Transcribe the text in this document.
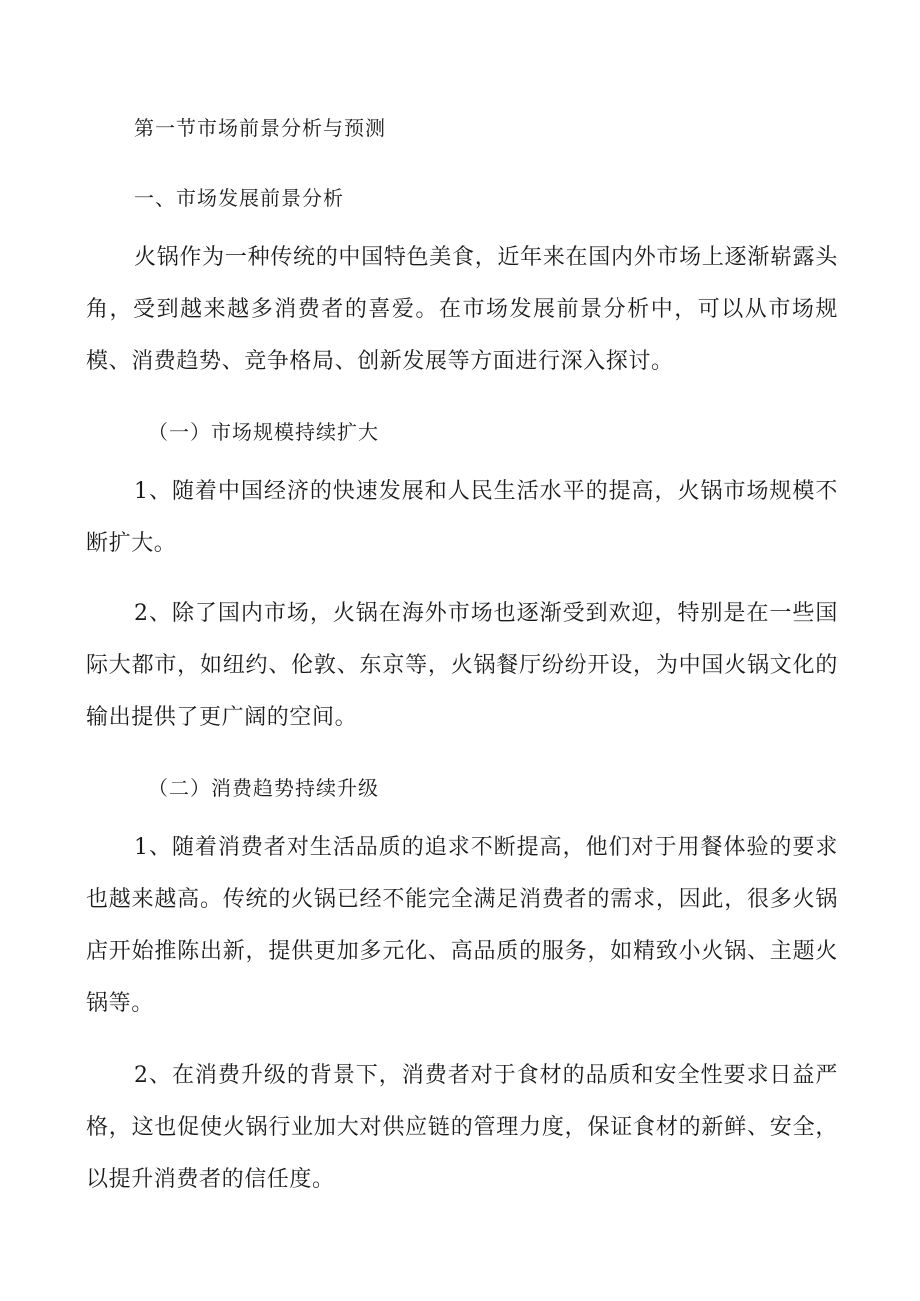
第一节市场前景分析与预测
一、市场发展前景分析

火锅作为一种传统的中国特色美食，近年来在国内外市场上逐渐崭露头角，受到越来越多消费者的喜爱。在市场发展前景分析中，可以从市场规模、消费趋势、竞争格局、创新发展等方面进行深入探讨。

（一）市场规模持续扩大

1、随着中国经济的快速发展和人民生活水平的提高，火锅市场规模不断扩大。

2、除了国内市场，火锅在海外市场也逐渐受到欢迎，特别是在一些国际大都市，如纽约、伦敦、东京等，火锅餐厅纷纷开设，为中国火锅文化的输出提供了更广阔的空间。

（二）消费趋势持续升级

1、随着消费者对生活品质的追求不断提高，他们对于用餐体验的要求也越来越高。传统的火锅已经不能完全满足消费者的需求，因此，很多火锅店开始推陈出新，提供更加多元化、高品质的服务，如精致小火锅、主题火锅等。

2、在消费升级的背景下，消费者对于食材的品质和安全性要求日益严格，这也促使火锅行业加大对供应链的管理力度，保证食材的新鲜、安全，以提升消费者的信任度。
